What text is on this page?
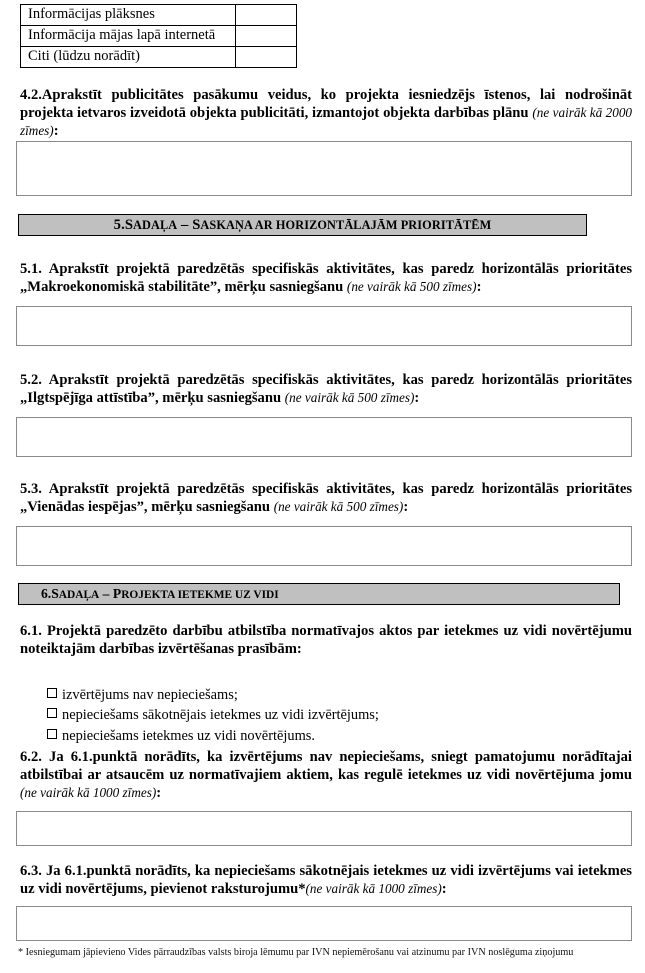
Informācijas plāksnes	
Informācija mājas lapā internetā	
Citi (lūdzu norādīt)	
4.2.Aprakstīt publicitātes pasākumu veidus, ko projekta iesniedzējs īstenos, lai nodrošināt projekta ietvaros izveidotā objekta publicitāti, izmantojot objekta darbības plānu (ne vairāk kā 2000 zīmes):
5.SADAĻA – SASKAŅA AR HORIZONTĀLAJĀM PRIORITĀTĒM
5.1. Aprakstīt projektā paredzētās specifiskās aktivitātes, kas paredz horizontālās prioritātes „Makroekonomiskā stabilitāte”, mērķu sasniegšanu (ne vairāk kā 500 zīmes):
5.2. Aprakstīt projektā paredzētās specifiskās aktivitātes, kas paredz horizontālās prioritātes „Ilgtspējīga attīstība”, mērķu sasniegšanu (ne vairāk kā 500 zīmes):
5.3. Aprakstīt projektā paredzētās specifiskās aktivitātes, kas paredz horizontālās prioritātes „Vienādas iespējas”, mērķu sasniegšanu (ne vairāk kā 500 zīmes):
6.SADAĻA – PROJEKTA IETEKME UZ VIDI
6.1. Projektā paredzēto darbību atbilstība normatīvajos aktos par ietekmes uz vidi novērtējumu noteiktajām darbības izvērtēšanas prasībām:
izvērtējums nav nepieciešams;
nepieciešams sākotnējais ietekmes uz vidi izvērtējums;
nepieciešams ietekmes uz vidi novērtējums.
6.2. Ja 6.1.punktā norādīts, ka izvērtējums nav nepieciešams, sniegt pamatojumu norādītajai atbilstībai ar atsaucēm uz normatīvajiem aktiem, kas regulē ietekmes uz vidi novērtējuma jomu (ne vairāk kā 1000 zīmes):
6.3. Ja 6.1.punktā norādīts, ka nepieciešams sākotnējais ietekmes uz vidi izvērtējums vai ietekmes uz vidi novērtējums, pievienot raksturojumu*(ne vairāk kā 1000 zīmes):
* Iesniegumam jāpievieno Vides pārraudzības valsts biroja lēmumu par IVN nepiemērošanu vai atzinumu par IVN noslēguma ziņojumu
